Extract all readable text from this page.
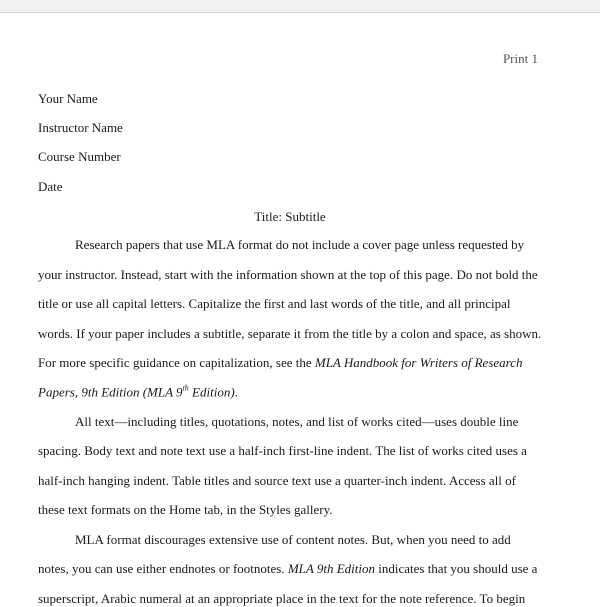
Print 1
Your Name
Instructor Name
Course Number
Date
Title: Subtitle
Research papers that use MLA format do not include a cover page unless requested by
your instructor. Instead, start with the information shown at the top of this page. Do not bold the
title or use all capital letters. Capitalize the first and last words of the title, and all principal
words. If your paper includes a subtitle, separate it from the title by a colon and space, as shown.
For more specific guidance on capitalization, see the MLA Handbook for Writers of Research
Papers, 9th Edition (MLA 9th Edition).
All text—including titles, quotations, notes, and list of works cited—uses double line
spacing. Body text and note text use a half-inch first-line indent. The list of works cited uses a
half-inch hanging indent. Table titles and source text use a quarter-inch indent. Access all of
these text formats on the Home tab, in the Styles gallery.
MLA format discourages extensive use of content notes. But, when you need to add
notes, you can use either endnotes or footnotes. MLA 9th Edition indicates that you should use a
superscript, Arabic numeral at an appropriate place in the text for the note reference. To begin
